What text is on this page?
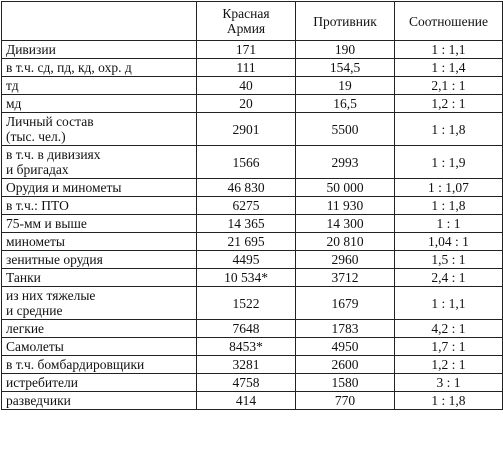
	Красная
Армия	Противник	Соотношение
Дивизии	171	190	1 : 1,1
в т.ч. сд, пд, кд, охр. д	111	154,5	1 : 1,4
тд	40	19	2,1 : 1
мд	20	16,5	1,2 : 1
Личный состав
(тыс. чел.)	2901	5500	1 : 1,8
в т.ч. в дивизиях
и бригадах	1566	2993	1 : 1,9
Орудия и минометы	46 830	50 000	1 : 1,07
в т.ч.: ПТО	6275	11 930	1 : 1,8
75-мм и выше	14 365	14 300	1 : 1
минометы	21 695	20 810	1,04 : 1
зенитные орудия	4495	2960	1,5 : 1
Танки	10 534*	3712	2,4 : 1
из них тяжелые
и средние	1522	1679	1 : 1,1
легкие	7648	1783	4,2 : 1
Самолеты	8453*	4950	1,7 : 1
в т.ч. бомбардировщики	3281	2600	1,2 : 1
истребители	4758	1580	3 : 1
разведчики	414	770	1 : 1,8
